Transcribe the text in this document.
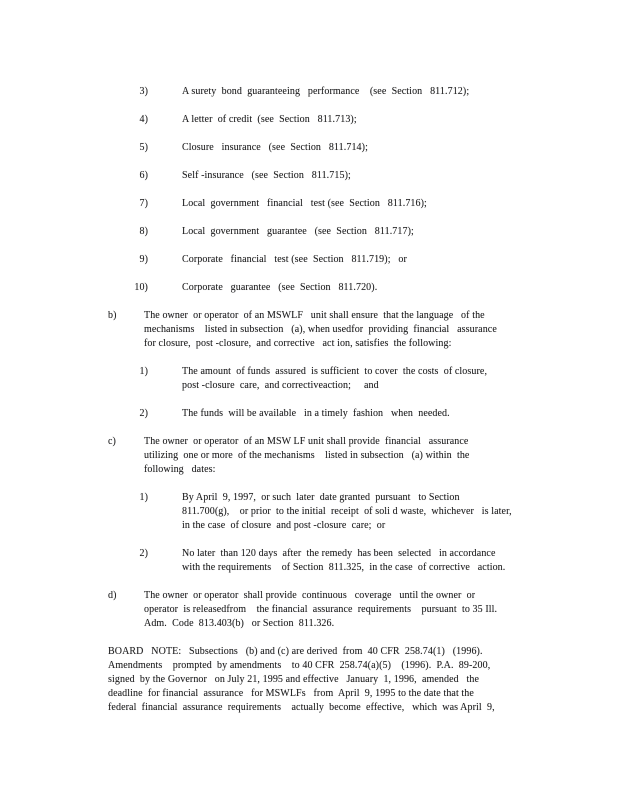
3)	A surety  bond  guaranteeing   performance    (see  Section   811.712);
4)	A letter  of credit  (see  Section   811.713);
5)	Closure   insurance   (see  Section   811.714);
6)	Self -insurance   (see  Section   811.715);
7)	Local  government   financial   test (see  Section   811.716);
8)	Local  government   guarantee   (see  Section   811.717);
9)	Corporate   financial   test (see  Section   811.719);   or
10)	Corporate   guarantee   (see  Section   811.720).
b)	The owner  or operator  of an MSWLF   unit shall ensure  that the language   of the
mechanisms    listed in subsection   (a), when usedfor  providing  financial   assurance
for closure,  post -closure,  and corrective   act ion, satisfies  the following:
1)	The amount  of funds  assured  is sufficient  to cover  the costs  of closure,
post -closure  care,  and correctiveaction;     and
2)	The funds  will be available   in a timely  fashion   when  needed.
c)	The owner  or operator  of an MSW LF unit shall provide  financial   assurance
utilizing  one or more  of the mechanisms    listed in subsection   (a) within  the
following   dates:
1)	By April  9, 1997,  or such  later  date granted  pursuant   to Section
811.700(g),    or prior  to the initial  receipt  of soli d waste,  whichever   is later,
in the case  of closure  and post -closure  care;  or
2)	No later  than 120 days  after  the remedy  has been  selected   in accordance
with the requirements    of Section  811.325,  in the case  of corrective   action.
d)	The owner  or operator  shall provide  continuous   coverage   until the owner  or
operator  is releasedfrom    the financial  assurance  requirements    pursuant  to 35 Ill.
Adm.  Code  813.403(b)   or Section  811.326.
BOARD   NOTE:   Subsections   (b) and (c) are derived  from  40 CFR  258.74(1)   (1996).
Amendments    prompted  by amendments    to 40 CFR  258.74(a)(5)    (1996).  P.A.  89-200,
signed  by the Governor   on July 21, 1995 and effective   January  1, 1996,  amended   the
deadline  for financial  assurance   for MSWLFs   from  April  9, 1995 to the date that the
federal  financial  assurance  requirements    actually  become  effective,   which  was April  9,
